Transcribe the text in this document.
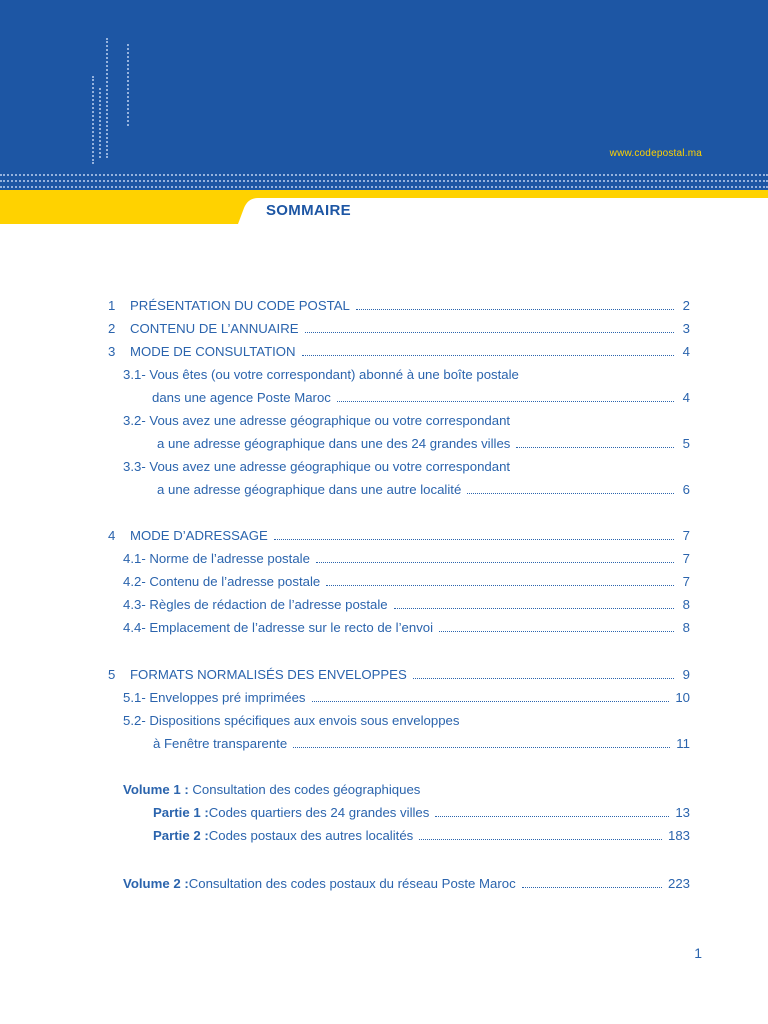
www.codepostal.ma
SOMMAIRE
1	PRÉSENTATION DU CODE POSTAL	2
2	CONTENU DE L’ANNUAIRE	3
3	MODE DE CONSULTATION	4
3.1- Vous êtes (ou votre correspondant) abonné à une boîte postale
dans une agence Poste Maroc	4
3.2- Vous avez une adresse géographique ou votre correspondant
a une adresse géographique dans une des 24 grandes villes	5
3.3- Vous avez une adresse géographique ou votre correspondant
a une adresse géographique dans une autre localité	6
4	MODE D’ADRESSAGE	7
4.1- Norme de l’adresse postale	7
4.2- Contenu de l’adresse postale	7
4.3- Règles de rédaction de l’adresse postale	8
4.4- Emplacement de l’adresse sur le recto de l’envoi	8
5	FORMATS NORMALISÉS DES ENVELOPPES	9
5.1- Enveloppes pré imprimées	10
5.2- Dispositions spécifiques aux envois sous enveloppes
à Fenêtre transparente	11
Volume 1 : Consultation des codes géographiques
Partie 1 : Codes quartiers des 24 grandes villes	13
Partie 2 : Codes postaux des autres localités	183
Volume 2 : Consultation des codes postaux du réseau Poste Maroc	223
1
